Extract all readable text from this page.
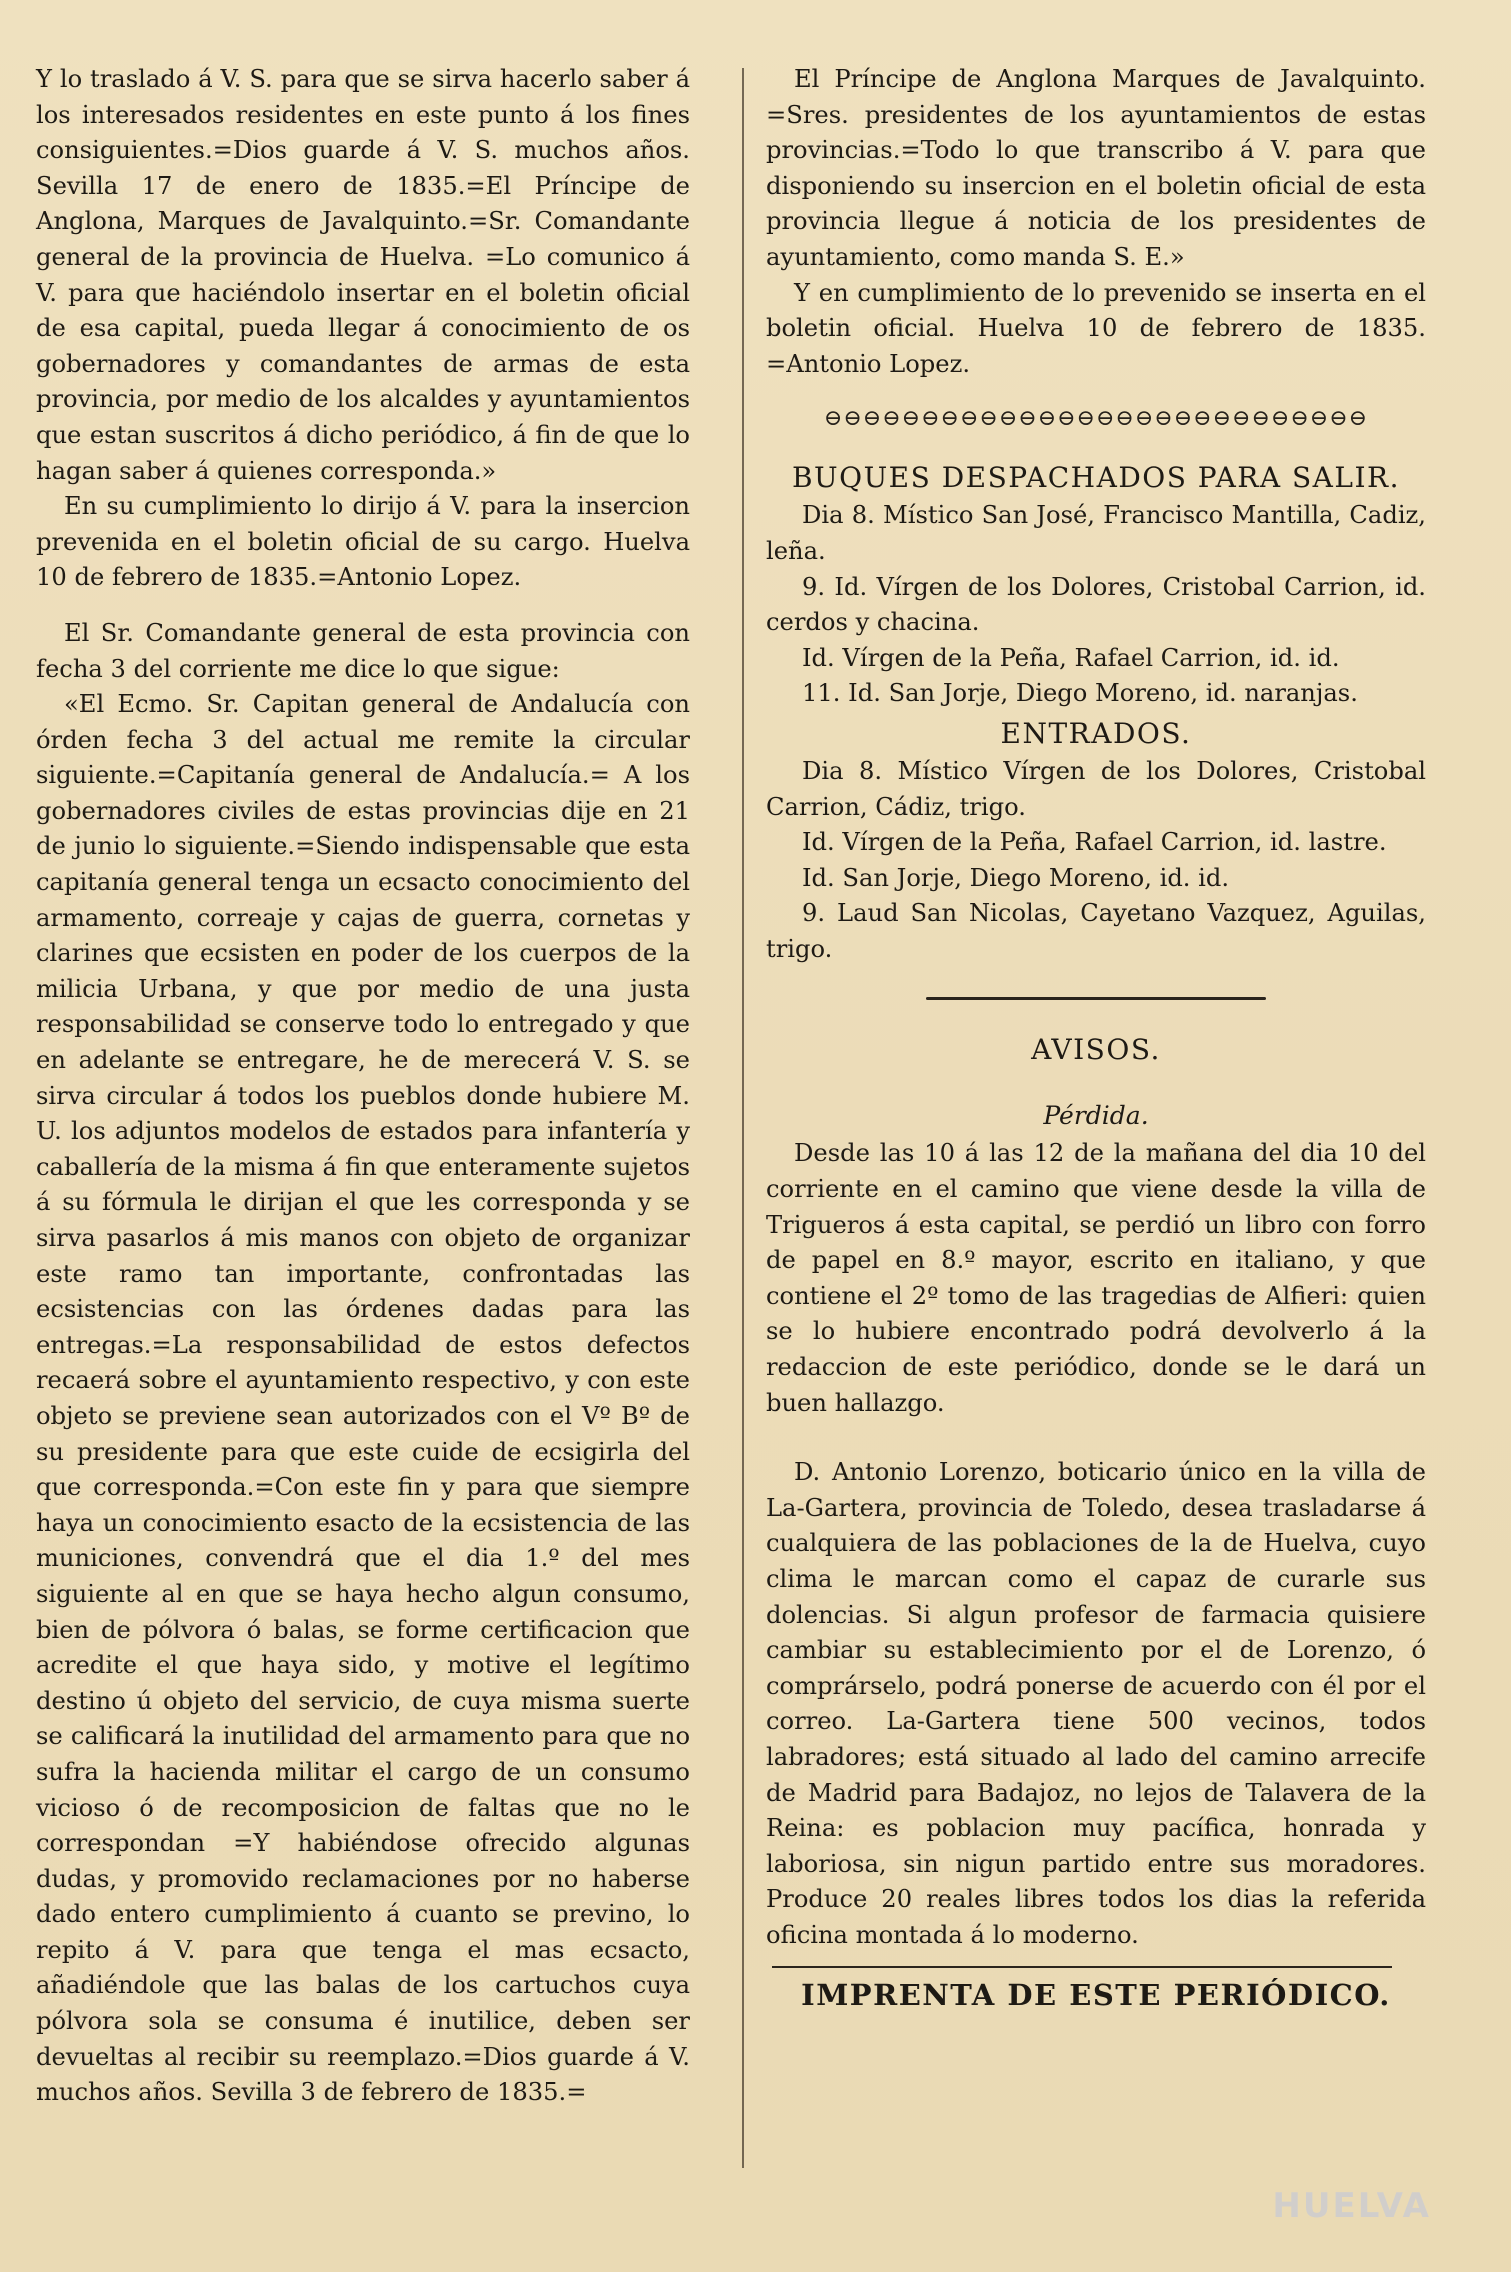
Y lo traslado á V. S. para que se sirva hacerlo saber á los interesados residentes en este punto á los fines consiguientes.=Dios guarde á V. S. muchos años. Sevilla 17 de enero de 1835.=El Príncipe de Anglona, Marques de Javalquinto.=Sr. Comandante general de la provincia de Huelva. =Lo comunico á V. para que haciéndolo insertar en el boletin oficial de esa capital, pueda llegar á conocimiento de os gobernadores y comandantes de armas de esta provincia, por medio de los alcaldes y ayuntamientos que estan suscritos á dicho periódico, á fin de que lo hagan saber á quienes corresponda.»

En su cumplimiento lo dirijo á V. para la insercion prevenida en el boletin oficial de su cargo. Huelva 10 de febrero de 1835.=Antonio Lopez.

El Sr. Comandante general de esta provincia con fecha 3 del corriente me dice lo que sigue:

«El Ecmo. Sr. Capitan general de Andalucía con órden fecha 3 del actual me remite la circular siguiente.=Capitanía general de Andalucía.= A los gobernadores civiles de estas provincias dije en 21 de junio lo siguiente.=Siendo indispensable que esta capitanía general tenga un ecsacto conocimiento del armamento, correaje y cajas de guerra, cornetas y clarines que ecsisten en poder de los cuerpos de la milicia Urbana, y que por medio de una justa responsabilidad se conserve todo lo entregado y que en adelante se entregare, he de merecerá V. S. se sirva circular á todos los pueblos donde hubiere M. U. los adjuntos modelos de estados para infantería y caballería de la misma á fin que enteramente sujetos á su fórmula le dirijan el que les corresponda y se sirva pasarlos á mis manos con objeto de organizar este ramo tan importante, confrontadas las ecsistencias con las órdenes dadas para las entregas.=La responsabilidad de estos defectos recaerá sobre el ayuntamiento respectivo, y con este objeto se previene sean autorizados con el Vº Bº de su presidente para que este cuide de ecsigirla del que corresponda.=Con este fin y para que siempre haya un conocimiento esacto de la ecsistencia de las municiones, convendrá que el dia 1.º del mes siguiente al en que se haya hecho algun consumo, bien de pólvora ó balas, se forme certificacion que acredite el que haya sido, y motive el legítimo destino ú objeto del servicio, de cuya misma suerte se calificará la inutilidad del armamento para que no sufra la hacienda militar el cargo de un consumo vicioso ó de recomposicion de faltas que no le correspondan =Y habiéndose ofrecido algunas dudas, y promovido reclamaciones por no haberse dado entero cumplimiento á cuanto se previno, lo repito á V. para que tenga el mas ecsacto, añadiéndole que las balas de los cartuchos cuya pólvora sola se consuma é inutilice, deben ser devueltas al recibir su reemplazo.=Dios guarde á V. muchos años. Sevilla 3 de febrero de 1835.=

El Príncipe de Anglona Marques de Javalquinto. =Sres. presidentes de los ayuntamientos de estas provincias.=Todo lo que transcribo á V. para que disponiendo su insercion en el boletin oficial de esta provincia llegue á noticia de los presidentes de ayuntamiento, como manda S. E.»

Y en cumplimiento de lo prevenido se inserta en el boletin oficial. Huelva 10 de febrero de 1835. =Antonio Lopez.

⊖⊖⊖⊖⊖⊖⊖⊖⊖⊖⊖⊖⊖⊖⊖⊖⊖⊖⊖⊖⊖⊖⊖⊖⊖⊖⊖⊖
BUQUES DESPACHADOS PARA SALIR.

Dia 8. Místico San José, Francisco Mantilla, Cadiz, leña.

9. Id. Vírgen de los Dolores, Cristobal Carrion, id. cerdos y chacina.

Id. Vírgen de la Peña, Rafael Carrion, id. id.

11. Id. San Jorje, Diego Moreno, id. naranjas.

ENTRADOS.

Dia 8. Místico Vírgen de los Dolores, Cristobal Carrion, Cádiz, trigo.

Id. Vírgen de la Peña, Rafael Carrion, id. lastre.

Id. San Jorje, Diego Moreno, id. id.

9. Laud San Nicolas, Cayetano Vazquez, Aguilas, trigo.

AVISOS.
Pérdida.

Desde las 10 á las 12 de la mañana del dia 10 del corriente en el camino que viene desde la villa de Trigueros á esta capital, se perdió un libro con forro de papel en 8.º mayor, escrito en italiano, y que contiene el 2º tomo de las tragedias de Alfieri: quien se lo hubiere encontrado podrá devolverlo á la redaccion de este periódico, donde se le dará un buen hallazgo.

D. Antonio Lorenzo, boticario único en la villa de La-Gartera, provincia de Toledo, desea trasladarse á cualquiera de las poblaciones de la de Huelva, cuyo clima le marcan como el capaz de curarle sus dolencias. Si algun profesor de farmacia quisiere cambiar su establecimiento por el de Lorenzo, ó comprárselo, podrá ponerse de acuerdo con él por el correo. La-Gartera tiene 500 vecinos, todos labradores; está situado al lado del camino arrecife de Madrid para Badajoz, no lejos de Talavera de la Reina: es poblacion muy pacífica, honrada y laboriosa, sin nigun partido entre sus moradores. Produce 20 reales libres todos los dias la referida oficina montada á lo moderno.

IMPRENTA DE ESTE PERIÓDICO.
HUELVA
